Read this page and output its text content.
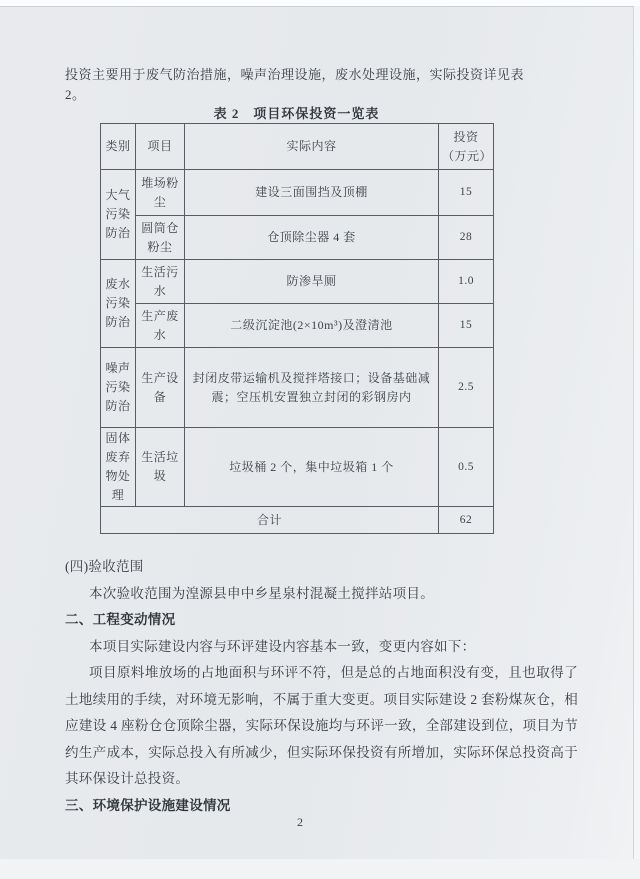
投资主要用于废气防治措施，噪声治理设施，废水处理设施，实际投资详见表 2。

表 2　项目环保投资一览表
类别	项目	实际内容	投资
（万元）

大气污染防治	堆场粉尘	建设三面围挡及顶棚	15
	圆筒仓粉尘	仓顶除尘器 4 套	28
废水污染防治	生活污水	防渗旱厕	1.0
	生产废水	二级沉淀池(2×10m³)及澄清池	15
噪声污染防治	生产设备	封闭皮带运输机及搅拌塔接口；设备基础减震；空压机安置独立封闭的彩钢房内	2.5
固体废弃物处理	生活垃圾	垃圾桶 2 个，集中垃圾箱 1 个	0.5
合计			62

(四)验收范围

本次验收范围为湟源县申中乡星泉村混凝土搅拌站项目。

二、工程变动情况

本项目实际建设内容与环评建设内容基本一致，变更内容如下：

项目原料堆放场的占地面积与环评不符，但是总的占地面积没有变，且也取得了土地续用的手续，对环境无影响，不属于重大变更。项目实际建设 2 套粉煤灰仓，相应建设 4 座粉仓仓顶除尘器，实际环保设施均与环评一致，全部建设到位，项目为节约生产成本，实际总投入有所减少，但实际环保投资有所增加，实际环保总投资高于其环保设计总投资。

三、环境保护设施建设情况

2
